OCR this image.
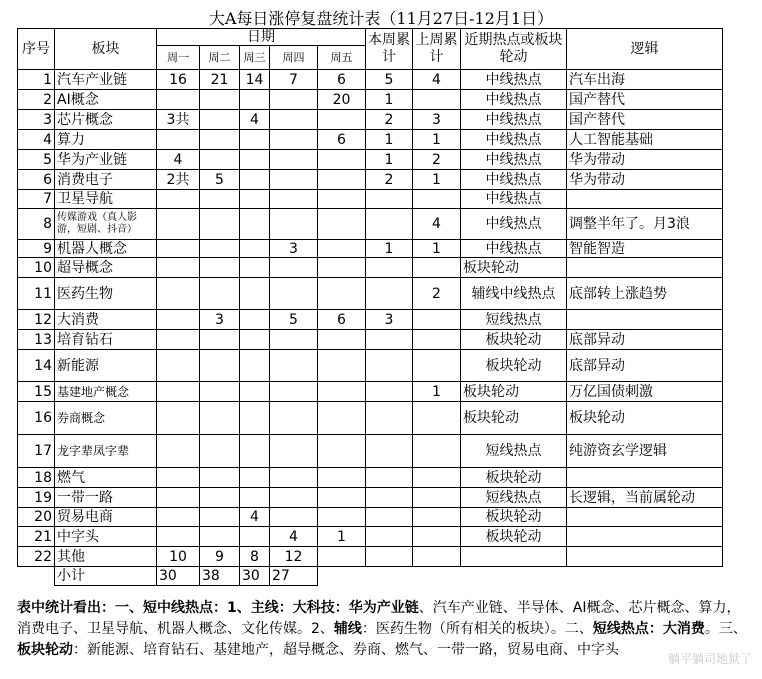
大A每日涨停复盘统计表（11月27日-12月1日）
序号	板块	日期					本周累计	上周累计	近期热点或板块轮动	逻辑
		周一	周二	周三	周四	周五				
1	汽车产业链	16	21	14	7	6	5	4	中线热点	汽车出海
2	AI概念					20	1		中线热点	国产替代
3	芯片概念	3共		4			2	3	中线热点	国产替代
4	算力					6	1	1	中线热点	人工智能基础
5	华为产业链	4					1	2	中线热点	华为带动
6	消费电子	2共	5				2	1	中线热点	华为带动
7	卫星导航								中线热点	
8	传媒游戏（真人影游，短剧、抖音）							4	中线热点	调整半年了。月3浪
9	机器人概念				3		1	1	中线热点	智能智造
10	超导概念								板块轮动	
11	医药生物							2	辅线中线热点	底部转上涨趋势
12	大消费		3		5	6	3		短线热点	
13	培育钻石								板块轮动	底部异动
14	新能源								板块轮动	底部异动
15	基建地产概念							1	板块轮动	万亿国债刺激
16	券商概念								板块轮动	板块轮动
17	龙字辈凤字辈								短线热点	纯游资玄学逻辑
18	燃气								板块轮动	
19	一带一路								短线热点	长逻辑，当前属轮动
20	贸易电商			4					板块轮动	
21	中字头				4	1			板块轮动	
22	其他	10	9	8	12					
	小计	30	38	30	27					
表中统计看出：一、短中线热点：1、主线：大科技：华为产业链、汽车产业链、半导体、AI概念、芯片概念、算力，消费电子、卫星导航、机器人概念、文化传媒。2、辅线：医药生物（所有相关的板块）。二、短线热点：大消费。三、板块轮动：新能源、培育钻石、基建地产，超导概念、券商、燃气、一带一路，贸易电商、中字头
躺平躺司地狱了
